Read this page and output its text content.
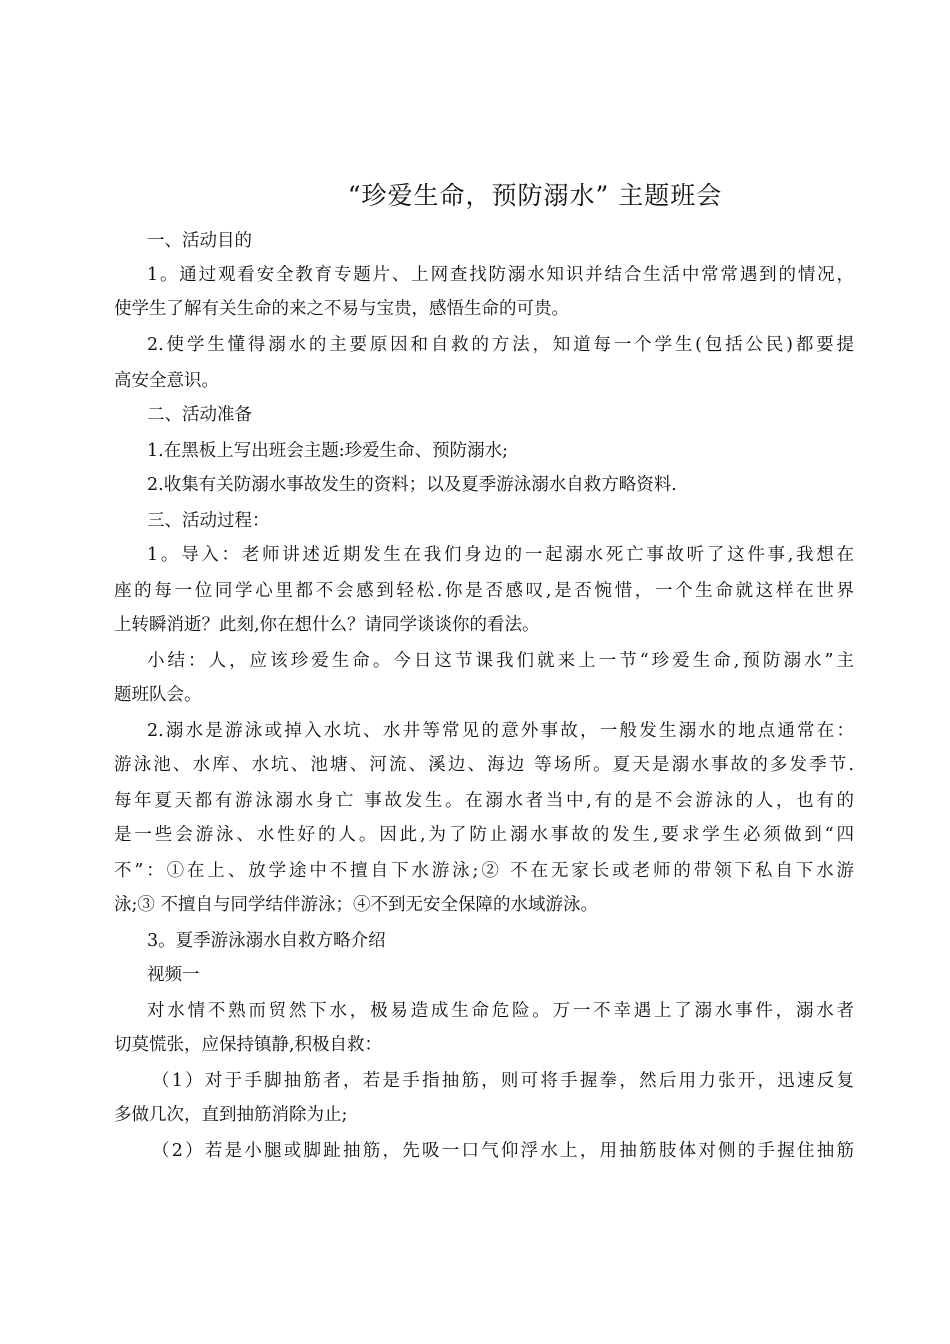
“珍爱生命，预防溺水” 主题班会
一、活动目的
1。通过观看安全教育专题片、上网查找防溺水知识并结合生活中常常遇到的情况，
使学生了解有关生命的来之不易与宝贵，感悟生命的可贵。
2.使学生懂得溺水的主要原因和自救的方法，知道每一个学生(包括公民)都要提
高安全意识。
二、活动准备
1.在黑板上写出班会主题:珍爱生命、预防溺水;
2.收集有关防溺水事故发生的资料；以及夏季游泳溺水自救方略资料.
三、活动过程：
1。导入：老师讲述近期发生在我们身边的一起溺水死亡事故听了这件事,我想在
座的每一位同学心里都不会感到轻松.你是否感叹,是否惋惜，一个生命就这样在世界
上转瞬消逝？此刻,你在想什么？请同学谈谈你的看法。
小结：人，应该珍爱生命。今日这节课我们就来上一节“珍爱生命,预防溺水”主
题班队会。
2.溺水是游泳或掉入水坑、水井等常见的意外事故，一般发生溺水的地点通常在：
游泳池、水库、水坑、池塘、河流、溪边、海边 等场所。夏天是溺水事故的多发季节.
每年夏天都有游泳溺水身亡 事故发生。在溺水者当中,有的是不会游泳的人，也有的
是一些会游泳、水性好的人。因此,为了防止溺水事故的发生,要求学生必须做到“四
不”：①在上、放学途中不擅自下水游泳;② 不在无家长或老师的带领下私自下水游
泳;③ 不擅自与同学结伴游泳；④不到无安全保障的水域游泳。
3。夏季游泳溺水自救方略介绍
视频一
对水情不熟而贸然下水，极易造成生命危险。万一不幸遇上了溺水事件，溺水者
切莫慌张，应保持镇静,积极自救：
（1）对于手脚抽筋者，若是手指抽筋，则可将手握拳，然后用力张开，迅速反复
多做几次，直到抽筋消除为止;
（2）若是小腿或脚趾抽筋，先吸一口气仰浮水上，用抽筋肢体对侧的手握住抽筋
